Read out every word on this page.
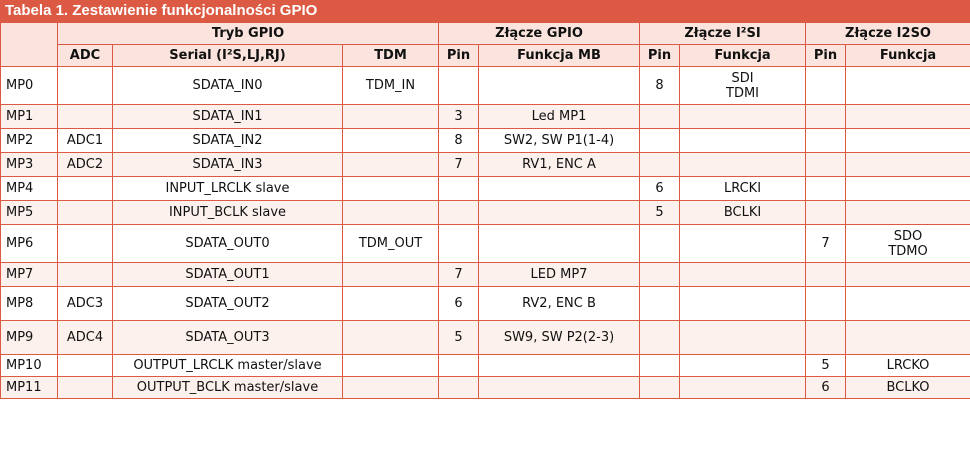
Tabela 1. Zestawienie funkcjonalności GPIO
	Tryb GPIO			Złącze GPIO		Złącze I²SI		Złącze I2SO	
	ADC	Serial (I²S,LJ,RJ)	TDM	Pin	Funkcja MB	Pin	Funkcja	Pin	Funkcja
MP0		SDATA_IN0	TDM_IN			8	SDI
TDMI		

MP1		SDATA_IN1		3	Led MP1				
MP2	ADC1	SDATA_IN2		8	SW2, SW P1(1-4)				
MP3	ADC2	SDATA_IN3		7	RV1, ENC A				
MP4		INPUT_LRCLK slave				6	LRCKI		

MP5		INPUT_BCLK slave				5	BCLKI		

MP6		SDATA_OUT0	TDM_OUT					7	SDO
TDMO

MP7		SDATA_OUT1		7	LED MP7				
MP8	ADC3	SDATA_OUT2		6	RV2, ENC B				
MP9	ADC4	SDATA_OUT3		5	SW9, SW P2(2-3)				
MP10		OUTPUT_LRCLK master/slave						5	LRCKO

MP11		OUTPUT_BCLK master/slave						6	BCLKO
